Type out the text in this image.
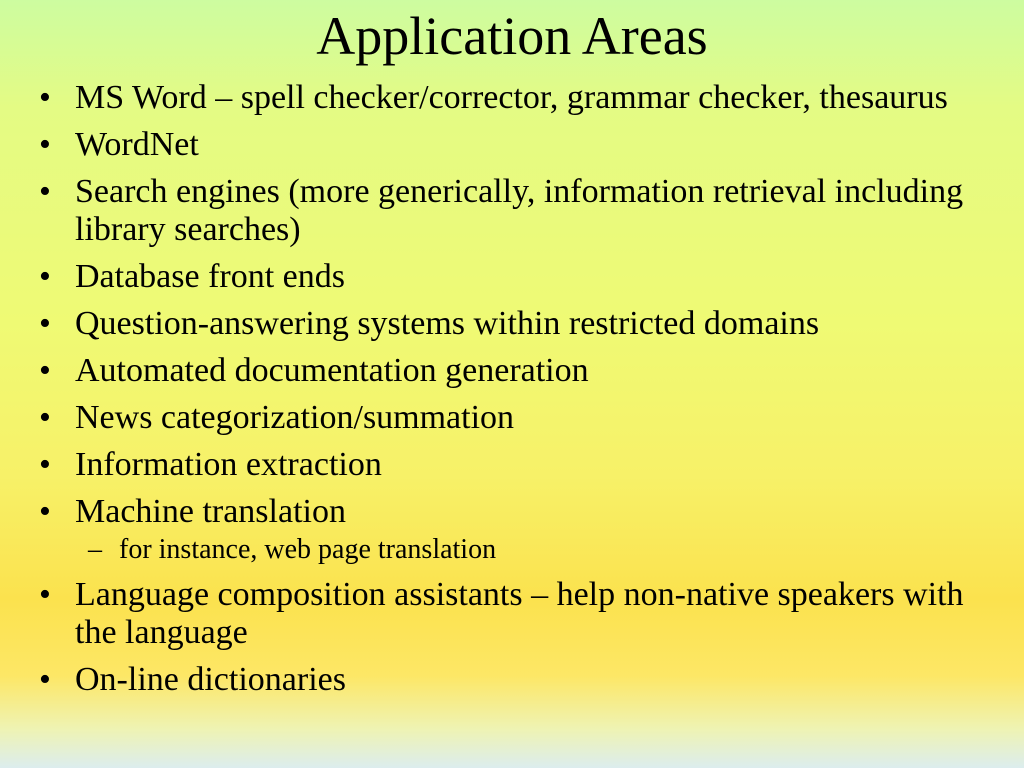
Application Areas
• MS Word – spell checker/corrector, grammar checker, thesaurus
• WordNet
• Search engines (more generically, information retrieval including library searches)
• Database front ends
• Question-answering systems within restricted domains
• Automated documentation generation
• News categorization/summation
• Information extraction
• Machine translation
– for instance, web page translation
• Language composition assistants – help non-native speakers with the language
• On-line dictionaries
